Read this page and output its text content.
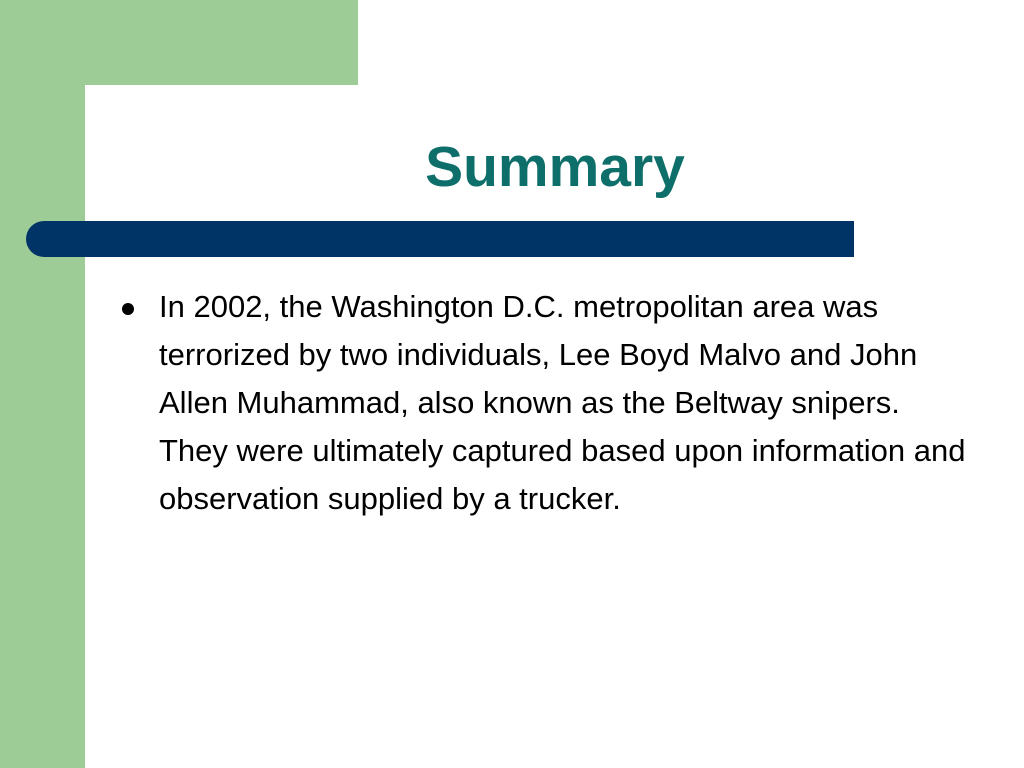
Summary
In 2002, the Washington D.C. metropolitan area was terrorized by two individuals, Lee Boyd Malvo and John Allen Muhammad, also known as the Beltway snipers.  They were ultimately captured based upon information and observation supplied by a trucker.
